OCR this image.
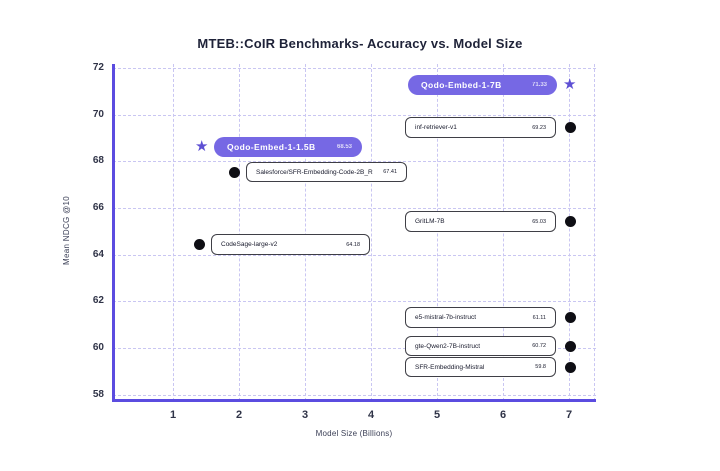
MTEB::CoIR Benchmarks- Accuracy vs. Model Size
72
70
68
66
64
62
60
58
1	2	3	4	5	6	7
Mean NDCG @10
Model Size (Billions)
Qodo-Embed-1-7B	71.33 ★
inf-retriever-v1	69.23
★ Qodo-Embed-1-1.5B	68.53
Salesforce/SFR-Embedding-Code-2B_R 67.41
GritLM-7B	65.03
CodeSage-large-v2	64.18
e5-mistral-7b-instruct	61.11
gte-Qwen2-7B-instruct	60.72
SFR-Embedding-Mistral	59.8
